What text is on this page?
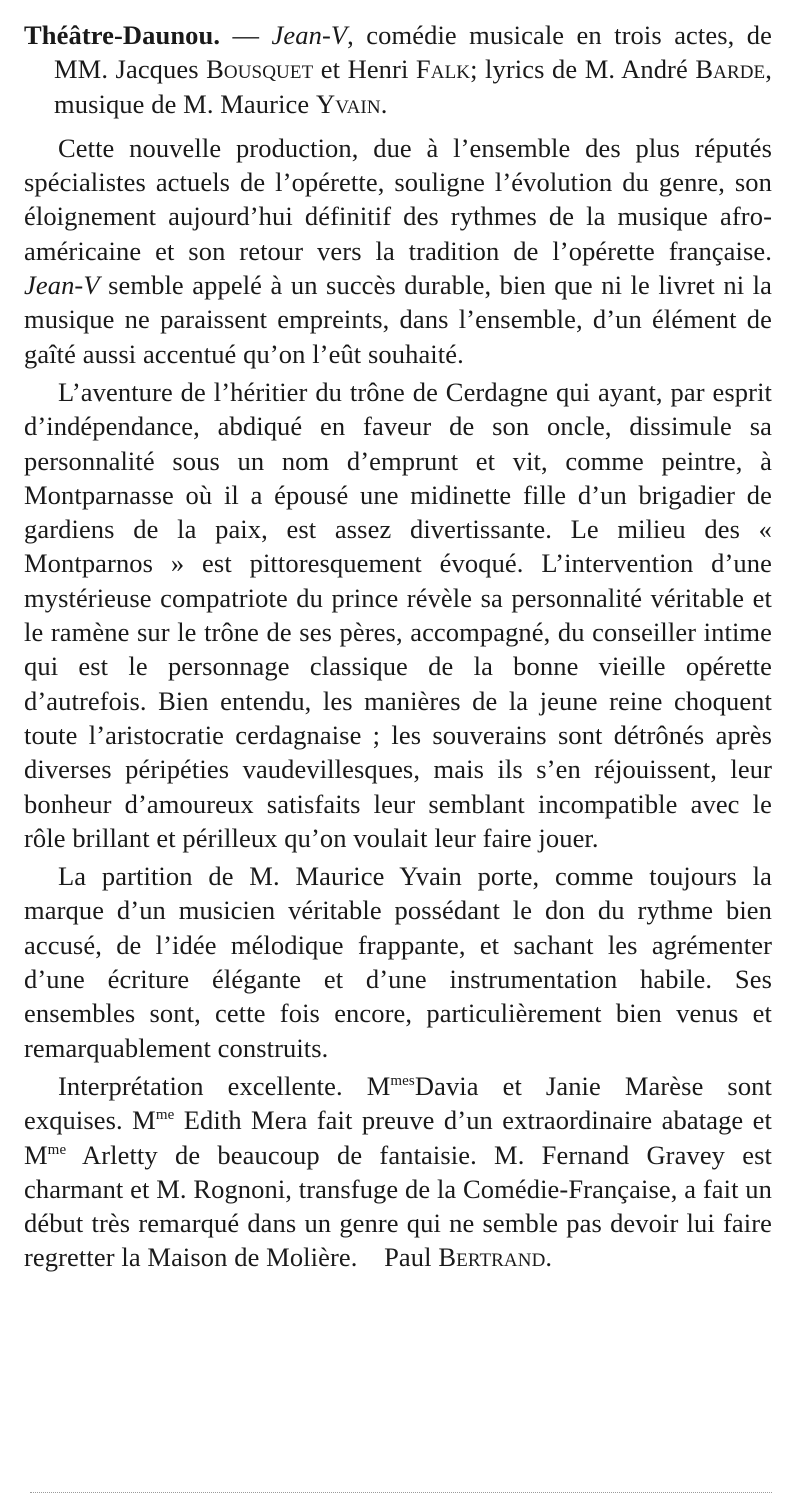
Théâtre-Daunou. — Jean-V, comédie musicale en trois actes, de MM. Jacques Bousquet et Henri Falk; lyrics de M. André Barde, musique de M. Maurice Yvain.

Cette nouvelle production, due à l’ensemble des plus réputés spécialistes actuels de l’opérette, souligne l’évolution du genre, son éloignement aujourd’hui définitif des rythmes de la musique afro-américaine et son retour vers la tradition de l’opérette française. Jean-V semble appelé à un succès durable, bien que ni le livret ni la musique ne paraissent empreints, dans l’ensemble, d’un élément de gaîté aussi accentué qu’on l’eût souhaité.

L’aventure de l’héritier du trône de Cerdagne qui ayant, par esprit d’indépendance, abdiqué en faveur de son oncle, dissimule sa personnalité sous un nom d’emprunt et vit, comme peintre, à Montparnasse où il a épousé une midinette fille d’un brigadier de gardiens de la paix, est assez divertissante. Le milieu des « Montparnos » est pittoresquement évoqué. L’intervention d’une mystérieuse compatriote du prince révèle sa personnalité véritable et le ramène sur le trône de ses pères, accompagné, du conseiller intime qui est le personnage classique de la bonne vieille opérette d’autrefois. Bien entendu, les manières de la jeune reine choquent toute l’aristocratie cerdagnaise ; les souverains sont détrônés après diverses péripéties vaudevillesques, mais ils s’en réjouissent, leur bonheur d’amoureux satisfaits leur semblant incompatible avec le rôle brillant et périlleux qu’on voulait leur faire jouer.

La partition de M. Maurice Yvain porte, comme toujours la marque d’un musicien véritable possédant le don du rythme bien accusé, de l’idée mélodique frappante, et sachant les agrémenter d’une écriture élégante et d’une instrumentation habile. Ses ensembles sont, cette fois encore, particulièrement bien venus et remarquablement construits.

Interprétation excellente. $M^{mes}Davia$ et Janie Marèse sont exquises. $M^{me}$ Edith Mera fait preuve d’un extraordinaire abatage et $M^{me}$ Arletty de beaucoup de fantaisie. M. Fernand Gravey est charmant et M. Rognoni, transfuge de la Comédie-Française, a fait un début très remarqué dans un genre qui ne semble pas devoir lui faire regretter la Maison de Molière.  Paul Bertrand.
